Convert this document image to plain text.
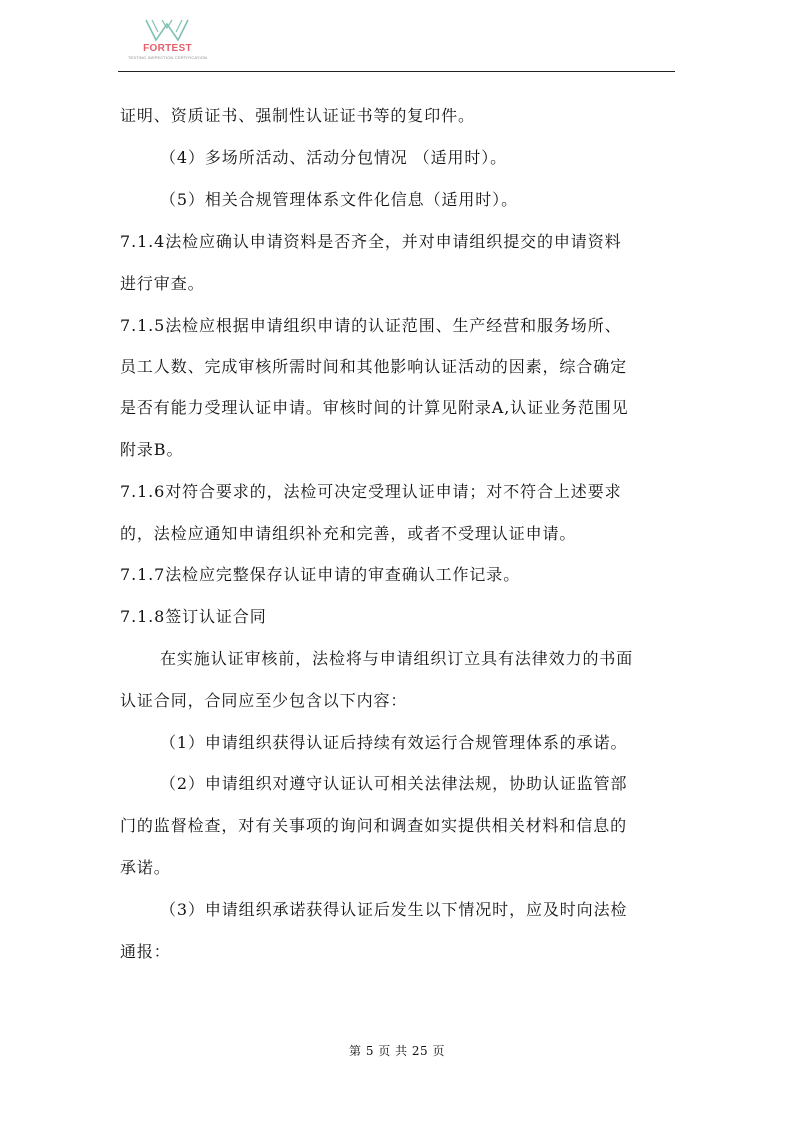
FORTEST
TESTING INSPECTION CERTIFICATION
证明、资质证书、强制性认证证书等的复印件。
（4）多场所活动、活动分包情况 （适用时）。
（5）相关合规管理体系文件化信息（适用时）。
7.1.4法检应确认申请资料是否齐全，并对申请组织提交的申请资料
进行审查。
7.1.5法检应根据申请组织申请的认证范围、生产经营和服务场所、
员工人数、完成审核所需时间和其他影响认证活动的因素，综合确定
是否有能力受理认证申请。审核时间的计算见附录A,认证业务范围见
附录B。
7.1.6对符合要求的，法检可决定受理认证申请；对不符合上述要求
的，法检应通知申请组织补充和完善，或者不受理认证申请。
7.1.7法检应完整保存认证申请的审查确认工作记录。
7.1.8签订认证合同
在实施认证审核前，法检将与申请组织订立具有法律效力的书面
认证合同，合同应至少包含以下内容：
（1）申请组织获得认证后持续有效运行合规管理体系的承诺。
（2）申请组织对遵守认证认可相关法律法规，协助认证监管部
门的监督检查，对有关事项的询问和调查如实提供相关材料和信息的
承诺。
（3）申请组织承诺获得认证后发生以下情况时，应及时向法检
通报：
第 5 页 共 25 页
